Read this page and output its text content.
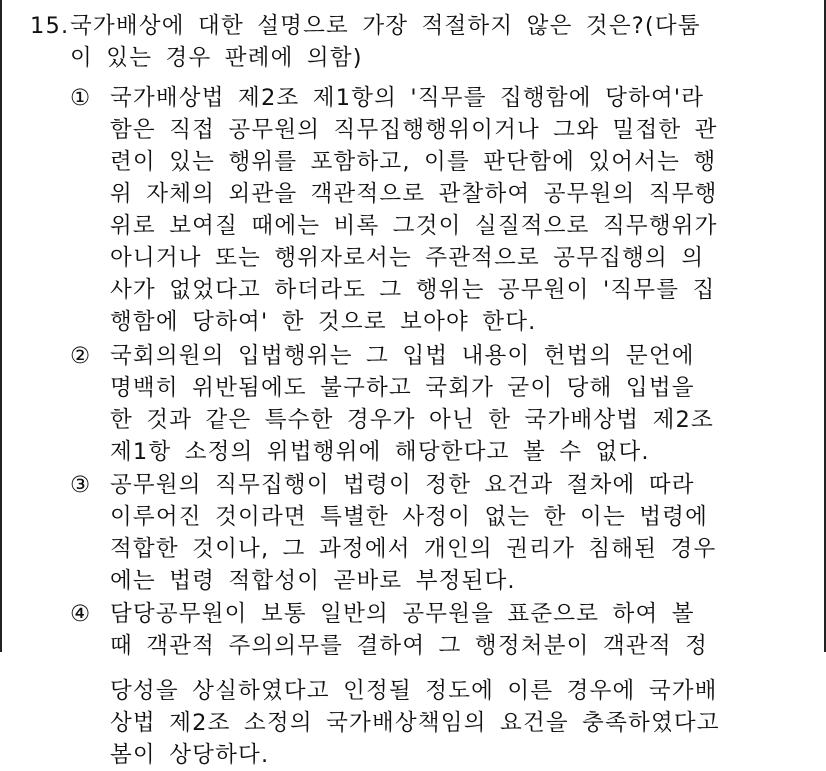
15. 국가배상에 대한 설명으로 가장 적절하지 않은 것은?(다툼
이 있는 경우 판례에 의함)
① 국가배상법 제2조 제1항의 '직무를 집행함에 당하여'라
함은 직접 공무원의 직무집행행위이거나 그와 밀접한 관
련이 있는 행위를 포함하고, 이를 판단함에 있어서는 행
위 자체의 외관을 객관적으로 관찰하여 공무원의 직무행
위로 보여질 때에는 비록 그것이 실질적으로 직무행위가
아니거나 또는 행위자로서는 주관적으로 공무집행의 의
사가 없었다고 하더라도 그 행위는 공무원이 '직무를 집
행함에 당하여' 한 것으로 보아야 한다.
② 국회의원의 입법행위는 그 입법 내용이 헌법의 문언에
명백히 위반됨에도 불구하고 국회가 굳이 당해 입법을
한 것과 같은 특수한 경우가 아닌 한 국가배상법 제2조
제1항 소정의 위법행위에 해당한다고 볼 수 없다.
③ 공무원의 직무집행이 법령이 정한 요건과 절차에 따라
이루어진 것이라면 특별한 사정이 없는 한 이는 법령에
적합한 것이나, 그 과정에서 개인의 권리가 침해된 경우
에는 법령 적합성이 곧바로 부정된다.
④ 담당공무원이 보통 일반의 공무원을 표준으로 하여 볼
때 객관적 주의의무를 결하여 그 행정처분이 객관적 정
당성을 상실하였다고 인정될 정도에 이른 경우에 국가배
상법 제2조 소정의 국가배상책임의 요건을 충족하였다고
봄이 상당하다.
